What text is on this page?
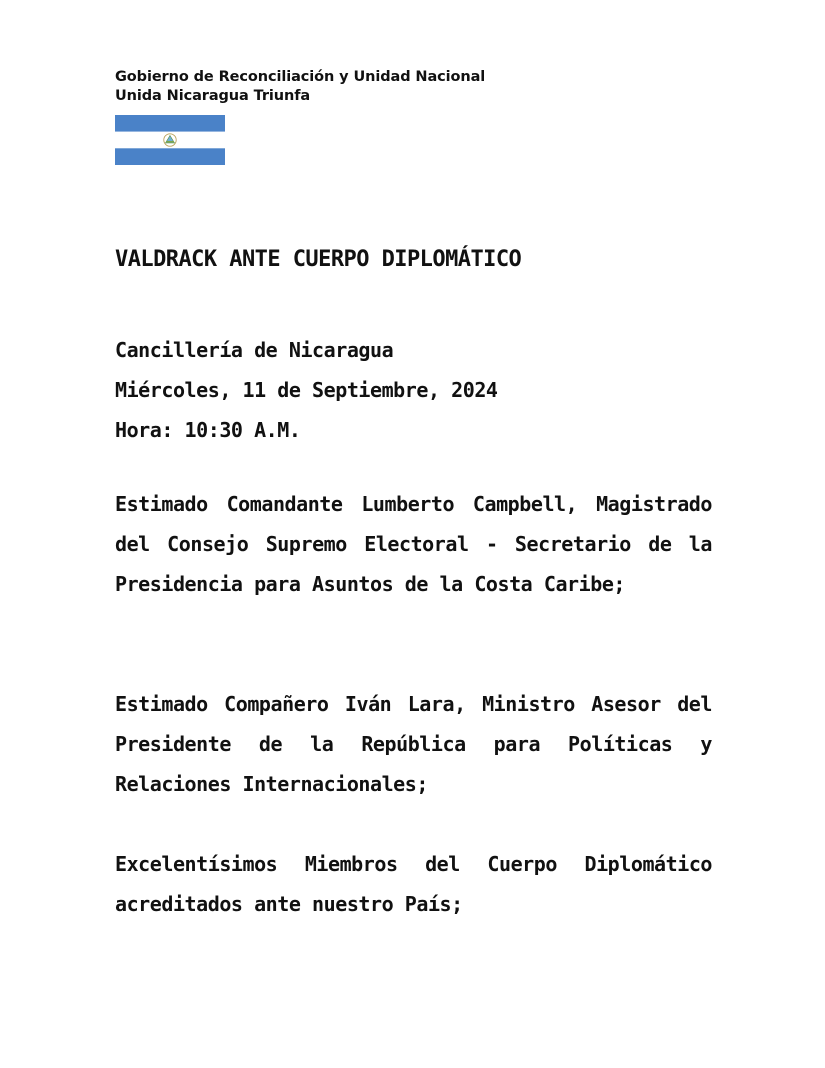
Gobierno de Reconciliación y Unidad Nacional
Unida Nicaragua Triunfa
VALDRACK ANTE CUERPO DIPLOMÁTICO
Cancillería de Nicaragua
Miércoles, 11 de Septiembre, 2024
Hora: 10:30 A.M.
Estimado Comandante Lumberto Campbell, Magistrado del Consejo Supremo Electoral - Secretario de la Presidencia para Asuntos de la Costa Caribe;
Estimado Compañero Iván Lara, Ministro Asesor del Presidente de la República para Políticas y Relaciones Internacionales;
Excelentísimos Miembros del Cuerpo Diplomático acreditados ante nuestro País;
